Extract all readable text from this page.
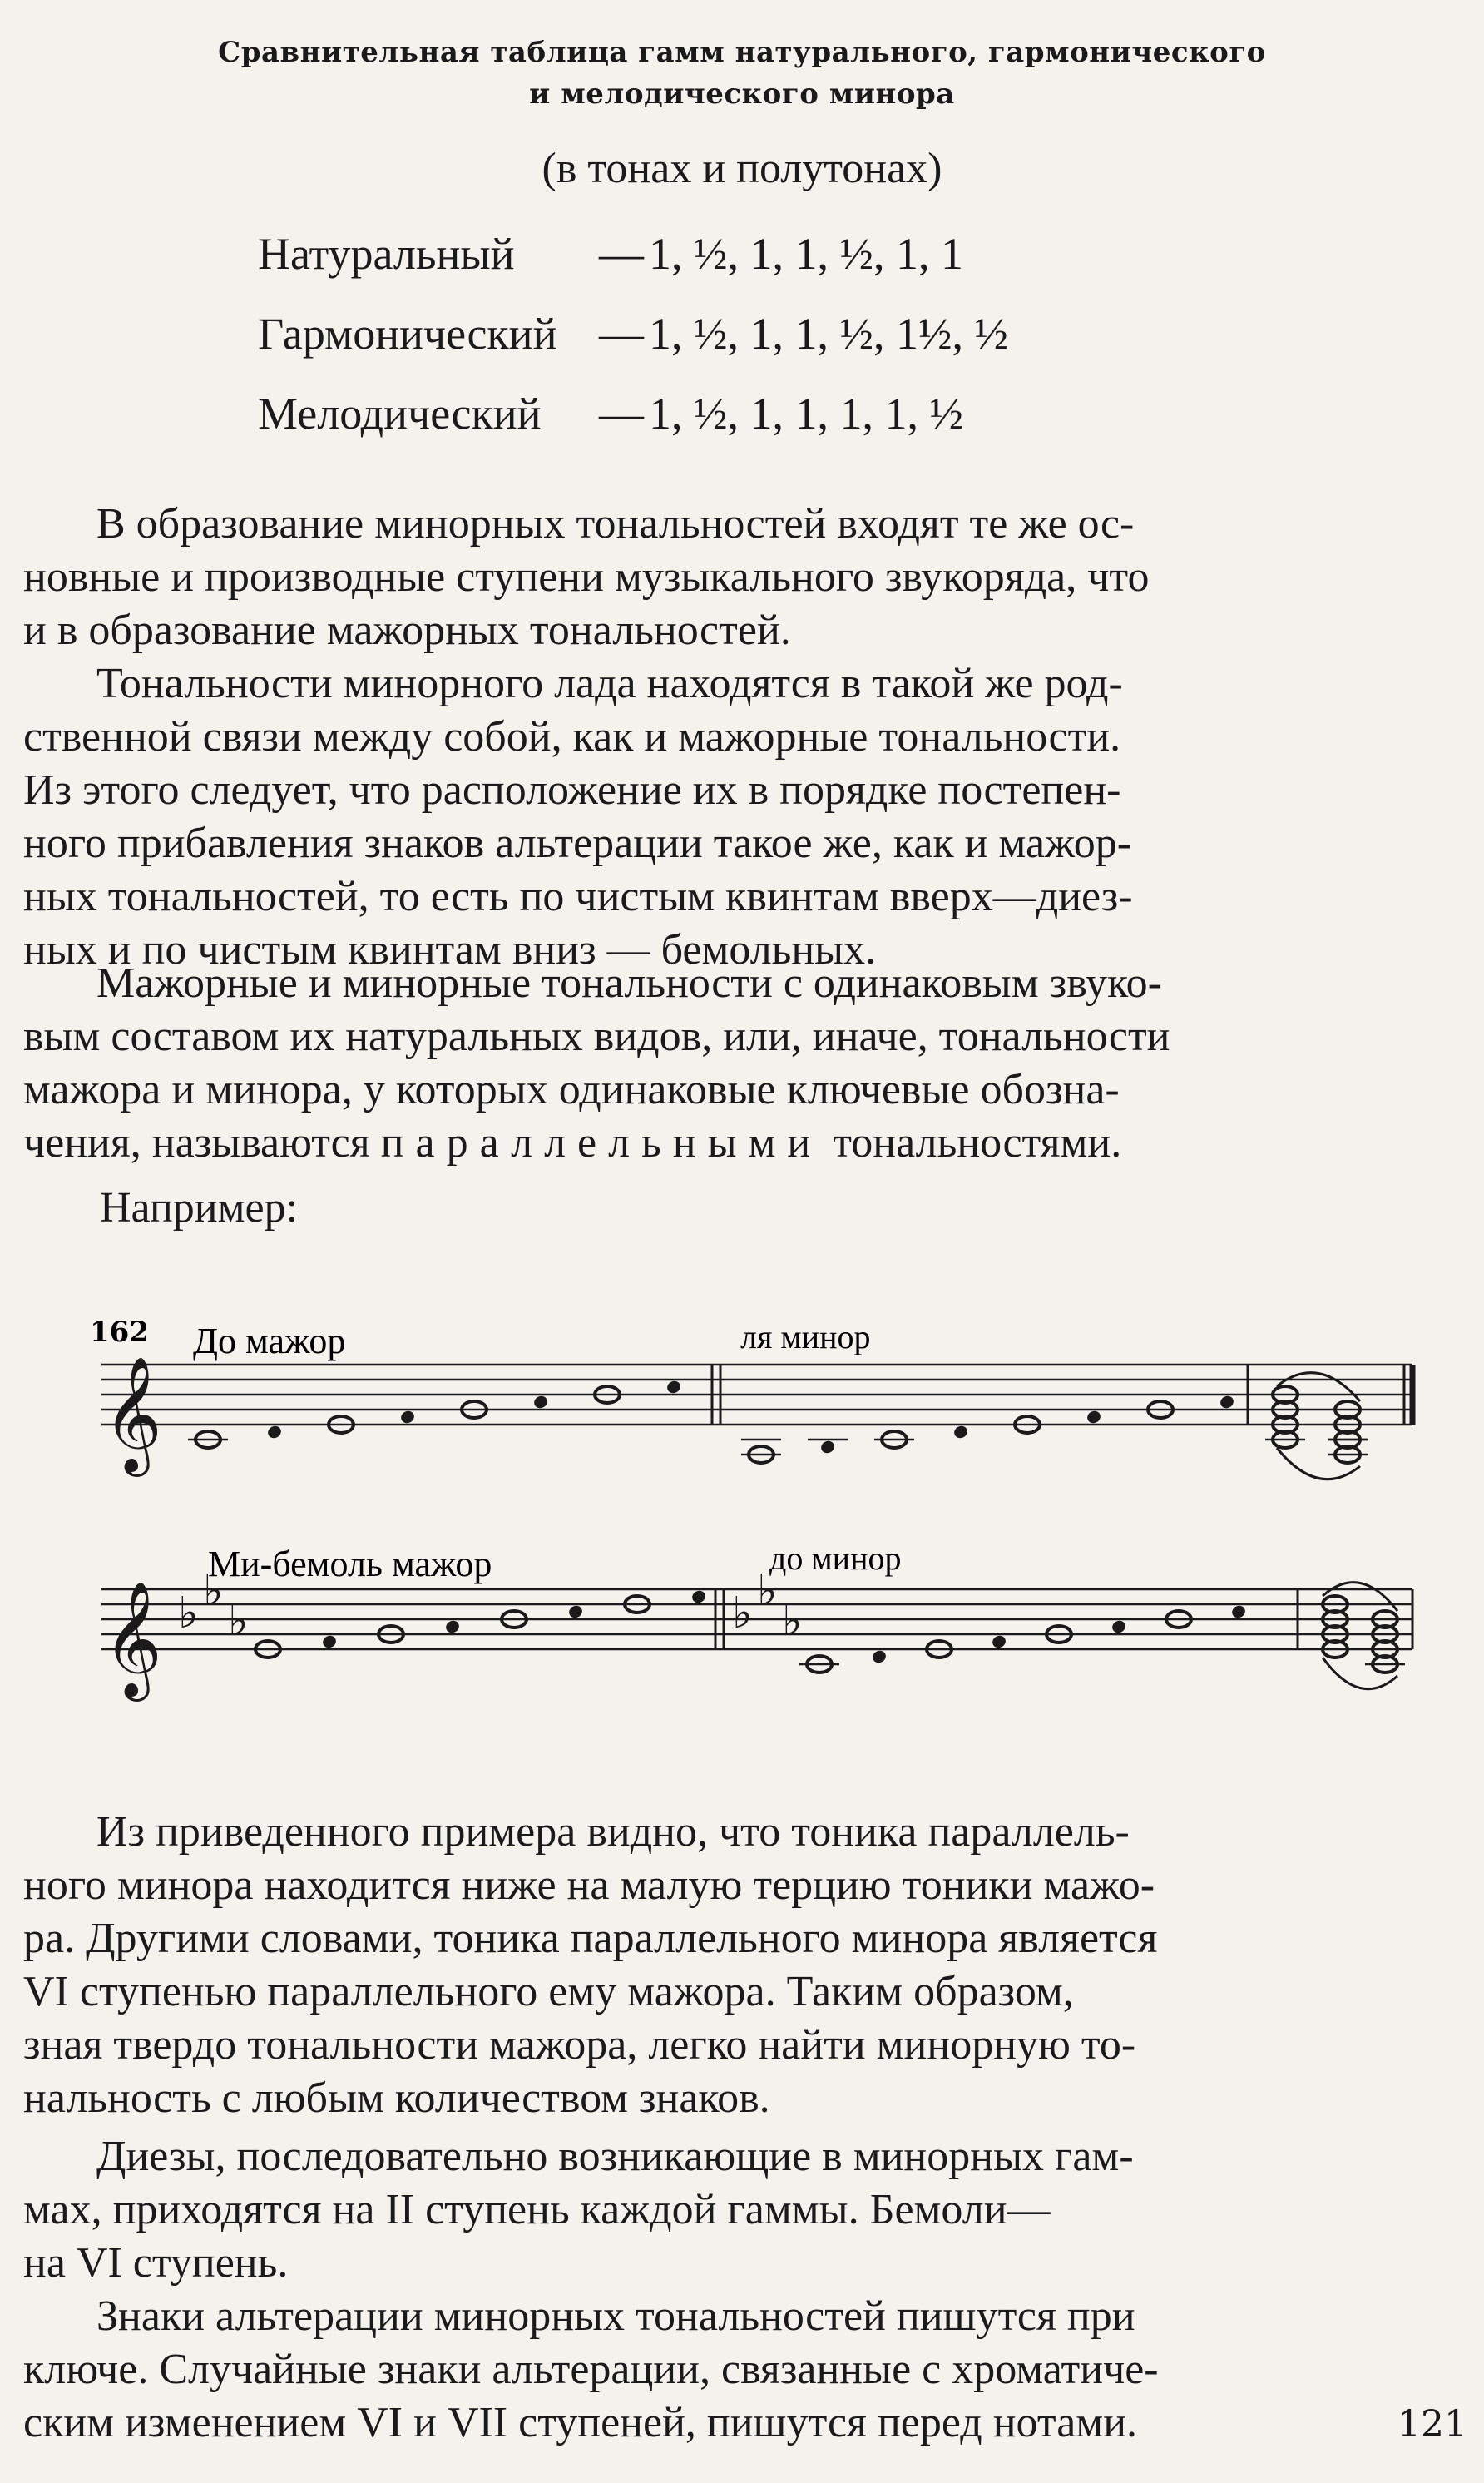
Сравнительная таблица гамм натурального, гармонического
и мелодического минора
(в тонах и полутонах)
Натуральный — 1, ½, 1, 1, ½, 1, 1
Гармонический — 1, ½, 1, 1, ½, 1½, ½
Мелодический — 1, ½, 1, 1, 1, 1, ½
В образование минорных тональностей входят те же ос-
новные и производные ступени музыкального звукоряда, что
и в образование мажорных тональностей.
Тональности минорного лада находятся в такой же род-
ственной связи между собой, как и мажорные тональности.
Из этого следует, что расположение их в порядке постепен-
ного прибавления знаков альтерации такое же, как и мажор-
ных тональностей, то есть по чистым квинтам вверх—диез-
ных и по чистым квинтам вниз — бемольных.
Мажорные и минорные тональности с одинаковым звуко-
вым составом их натуральных видов, или, иначе, тональности
мажора и минора, у которых одинаковые ключевые обозна-
чения, называются параллельными тональностями.
Например:
162 До мажор	ля минор
Ми-бемоль мажор	до минор
𝄞
𝄞 ♭ ♭
♭	♭ ♭
♭
Из приведенного примера видно, что тоника параллель-
ного минора находится ниже на малую терцию тоники мажо-
ра. Другими словами, тоника параллельного минора является
VI ступенью параллельного ему мажора. Таким образом,
зная твердо тональности мажора, легко найти минорную то-
нальность с любым количеством знаков.
Диезы, последовательно возникающие в минорных гам-
мах, приходятся на II ступень каждой гаммы. Бемоли—
на VI ступень.
Знаки альтерации минорных тональностей пишутся при
ключе. Случайные знаки альтерации, связанные с хроматиче-
ским изменением VI и VII ступеней, пишутся перед нотами.	121
